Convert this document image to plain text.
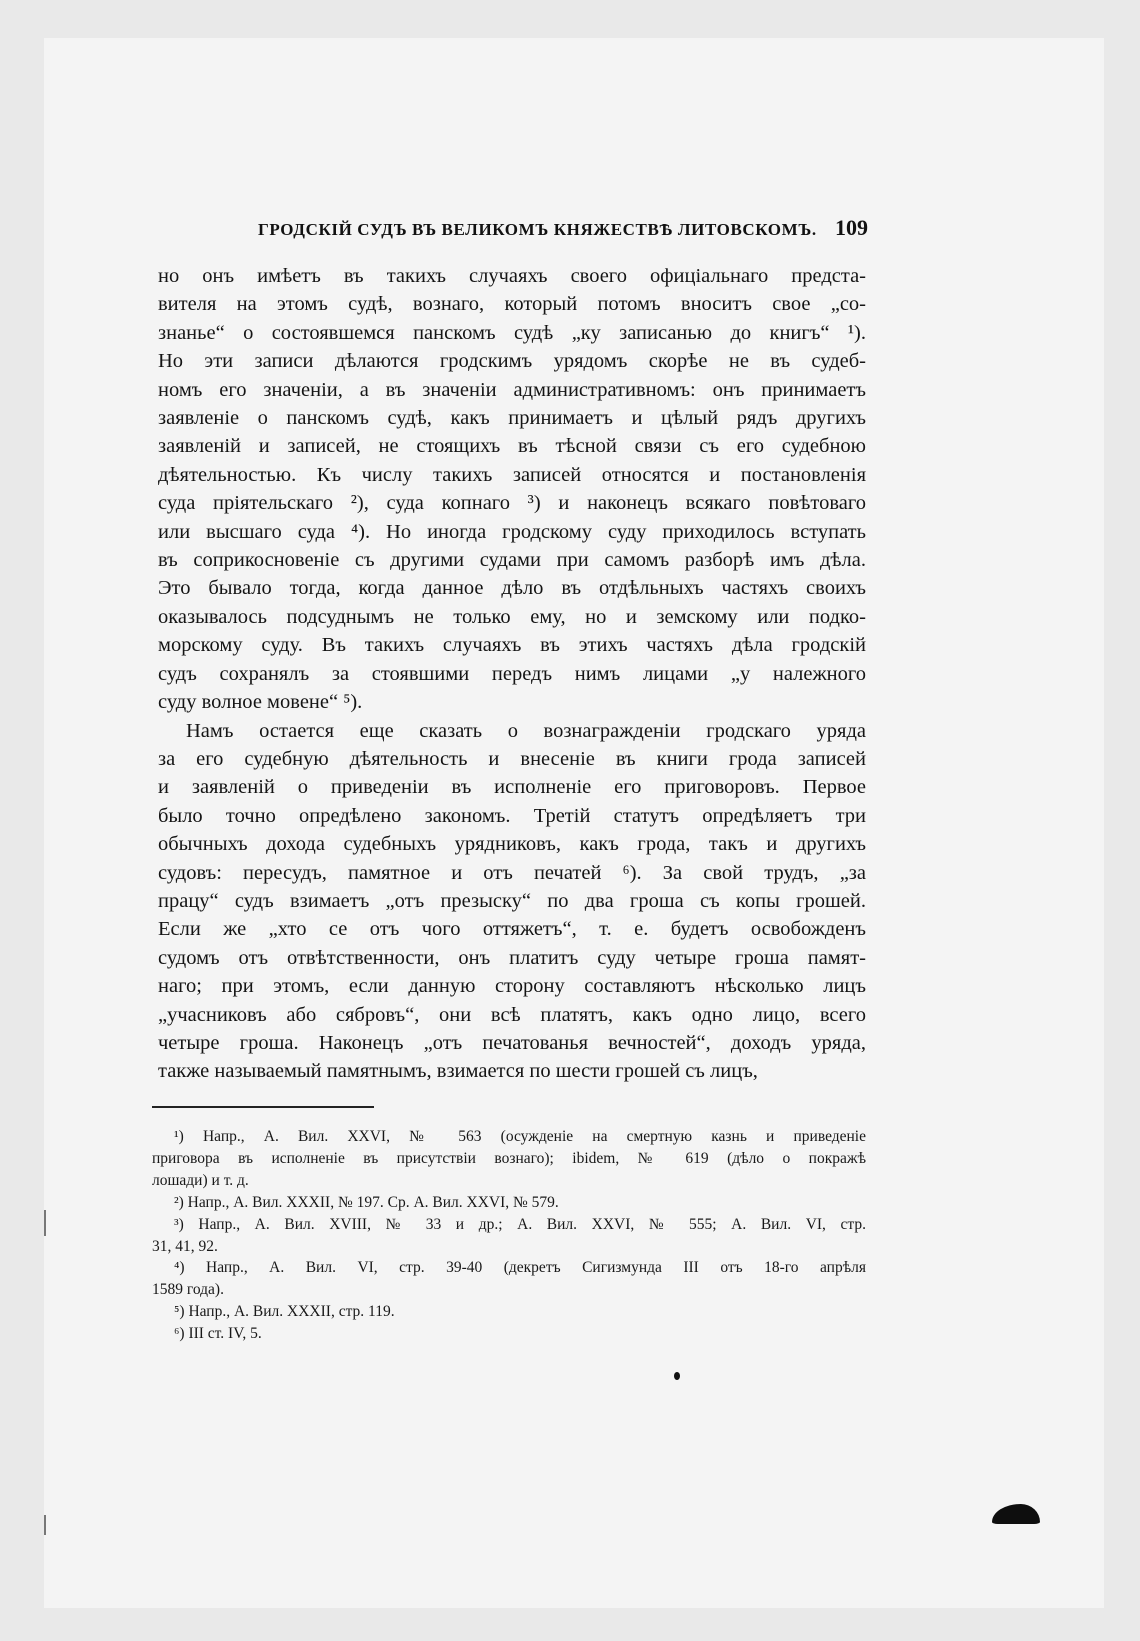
ГРОДСКІЙ СУДЪ ВЪ ВЕЛИКОМЪ КНЯЖЕСТВѢ ЛИТОВСКОМЪ. 109
но онъ имѣетъ въ такихъ случаяхъ своего офиціальнаго предста-
вителя на этомъ судѣ, вознаго, который потомъ вноситъ свое „со-
знанье“ о состоявшемся панскомъ судѣ „ку записанью до книгъ“ ¹).
Но эти записи дѣлаются гродскимъ урядомъ скорѣе не въ судеб-
номъ его значеніи, а въ значеніи административномъ: онъ принимаетъ
заявленіе о панскомъ судѣ, какъ принимаетъ и цѣлый рядъ другихъ
заявленій и записей, не стоящихъ въ тѣсной связи съ его судебною
дѣятельностью. Къ числу такихъ записей относятся и постановленія
суда пріятельскаго ²), суда копнаго ³) и наконецъ всякаго повѣтоваго
или высшаго суда ⁴). Но иногда гродскому суду приходилось вступать
въ соприкосновеніе съ другими судами при самомъ разборѣ имъ дѣла.
Это бывало тогда, когда данное дѣло въ отдѣльныхъ частяхъ своихъ
оказывалось подсуднымъ не только ему, но и земскому или подко-
морскому суду. Въ такихъ случаяхъ въ этихъ частяхъ дѣла гродскій
судъ сохранялъ за стоявшими передъ нимъ лицами „у належного
суду волное мовене“ ⁵).
Намъ остается еще сказать о вознагражденіи гродскаго уряда
за его судебную дѣятельность и внесеніе въ книги грода записей
и заявленій о приведеніи въ исполненіе его приговоровъ. Первое
было точно опредѣлено закономъ. Третій статутъ опредѣляетъ три
обычныхъ дохода судебныхъ урядниковъ, какъ грода, такъ и другихъ
судовъ: пересудъ, памятное и отъ печатей ⁶). За свой трудъ, „за
працу“ судъ взимаетъ „отъ презыску“ по два гроша съ копы грошей.
Если же „хто се отъ чого оттяжетъ“, т. е. будетъ освобожденъ
судомъ отъ отвѣтственности, онъ платитъ суду четыре гроша памят-
наго; при этомъ, если данную сторону составляютъ нѣсколько лицъ
„учасниковъ або сябровъ“, они всѣ платятъ, какъ одно лицо, всего
четыре гроша. Наконецъ „отъ печатованья вечностей“, доходъ уряда,
также называемый памятнымъ, взимается по шести грошей съ лицъ,
¹) Напр., А. Вил. XXVI, № 563 (осужденіе на смертную казнь и приведеніе
приговора въ исполненіе въ присутствіи вознаго); ibidem, № 619 (дѣло о покражѣ
лошади) и т. д.
²) Напр., А. Вил. XXXII, № 197. Ср. А. Вил. XXVI, № 579.
³) Напр., А. Вил. XVIII, № 33 и др.; А. Вил. XXVI, № 555; А. Вил. VI, стр.
31, 41, 92.
⁴) Напр., А. Вил. VI, стр. 39-40 (декретъ Сигизмунда III отъ 18-го апрѣля
1589 года).
⁵) Напр., А. Вил. XXXII, стр. 119.
⁶) III ст. IV, 5.
